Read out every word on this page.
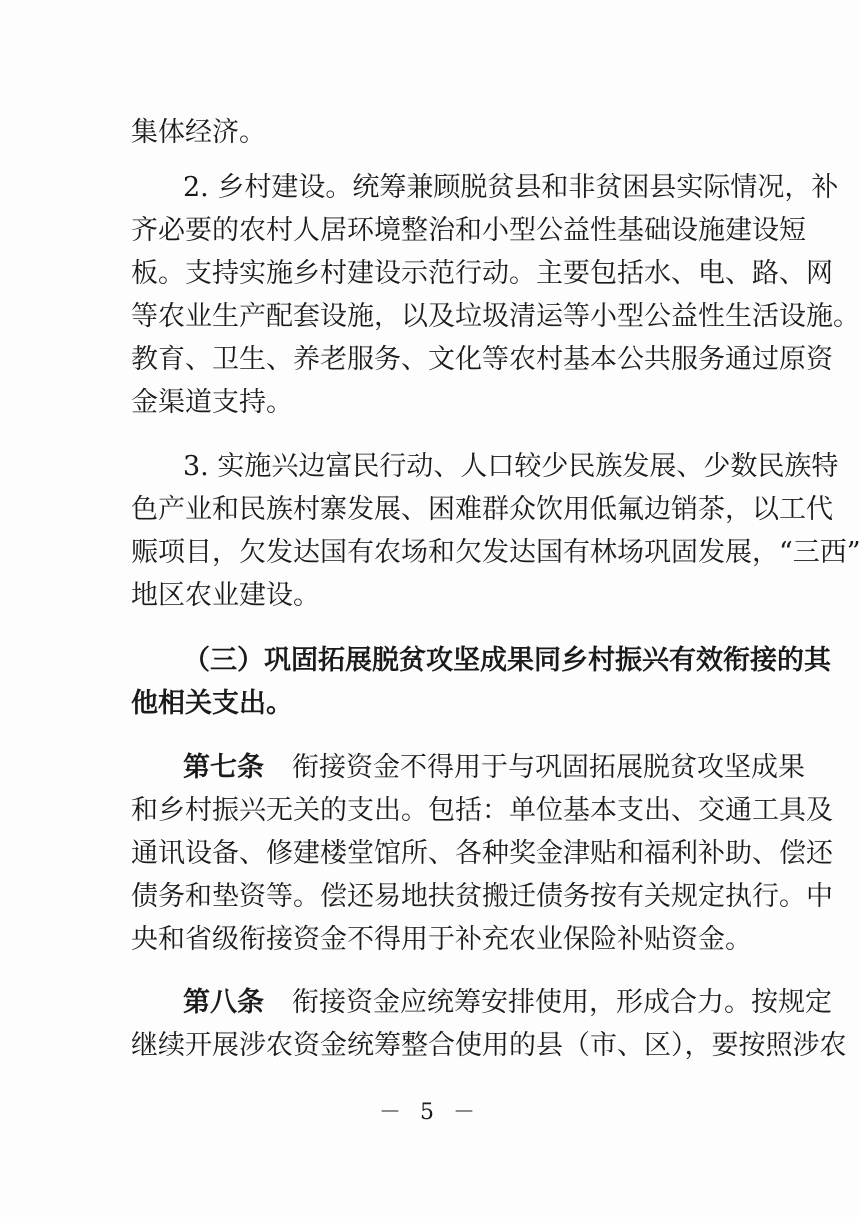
集体经济。
2. 乡村建设。统筹兼顾脱贫县和非贫困县实际情况，补
齐必要的农村人居环境整治和小型公益性基础设施建设短
板。支持实施乡村建设示范行动。主要包括水、电、路、网
等农业生产配套设施，以及垃圾清运等小型公益性生活设施。
教育、卫生、养老服务、文化等农村基本公共服务通过原资
金渠道支持。
3. 实施兴边富民行动、人口较少民族发展、少数民族特
色产业和民族村寨发展、困难群众饮用低氟边销茶，以工代
赈项目，欠发达国有农场和欠发达国有林场巩固发展，“三西”
地区农业建设。
（三）巩固拓展脱贫攻坚成果同乡村振兴有效衔接的其
他相关支出。
第七条 衔接资金不得用于与巩固拓展脱贫攻坚成果
和乡村振兴无关的支出。包括：单位基本支出、交通工具及
通讯设备、修建楼堂馆所、各种奖金津贴和福利补助、偿还
债务和垫资等。偿还易地扶贫搬迁债务按有关规定执行。中
央和省级衔接资金不得用于补充农业保险补贴资金。
第八条 衔接资金应统筹安排使用，形成合力。按规定
继续开展涉农资金统筹整合使用的县（市、区），要按照涉农
－ 5 －
